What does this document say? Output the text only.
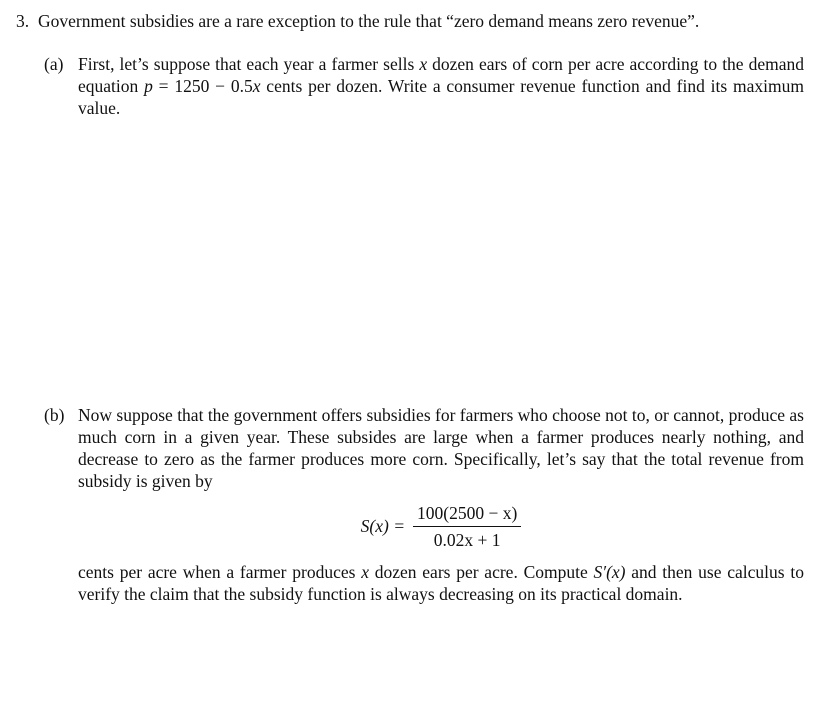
3. Government subsidies are a rare exception to the rule that “zero demand means zero revenue”.
(a) First, let’s suppose that each year a farmer sells x dozen ears of corn per acre according to the demand equation p = 1250 − 0.5x cents per dozen. Write a consumer revenue function and find its maximum value.
(b) Now suppose that the government offers subsidies for farmers who choose not to, or cannot, produce as much corn in a given year. These subsides are large when a farmer produces nearly nothing, and decrease to zero as the farmer produces more corn. Specifically, let’s say that the total revenue from subsidy is given by
$S(x) = \frac{100(2500 - x)}{0.02x + 1}$
cents per acre when a farmer produces x dozen ears per acre. Compute S′(x) and then use calculus to verify the claim that the subsidy function is always decreasing on its practical domain.
